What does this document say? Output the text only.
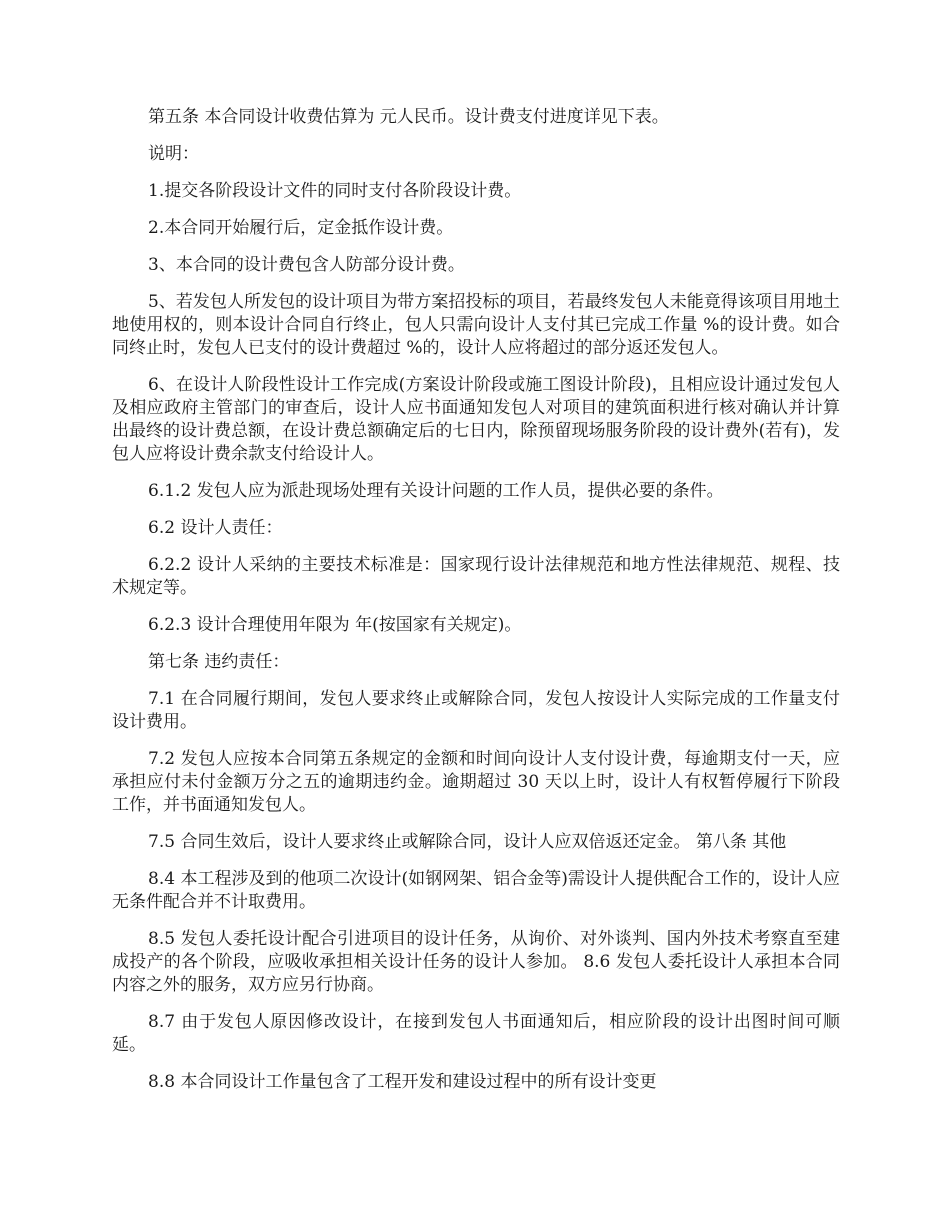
第五条 本合同设计收费估算为 元人民币。设计费支付进度详见下表。

说明：

1.提交各阶段设计文件的同时支付各阶段设计费。

2.本合同开始履行后，定金抵作设计费。

3、本合同的设计费包含人防部分设计费。

5、若发包人所发包的设计项目为带方案招投标的项目，若最终发包人未能竟得该项目用地土地使用权的，则本设计合同自行终止，包人只需向设计人支付其已完成工作量 %的设计费。如合同终止时，发包人已支付的设计费超过 %的，设计人应将超过的部分返还发包人。

6、在设计人阶段性设计工作完成(方案设计阶段或施工图设计阶段)，且相应设计通过发包人及相应政府主管部门的审查后，设计人应书面通知发包人对项目的建筑面积进行核对确认并计算出最终的设计费总额，在设计费总额确定后的七日内，除预留现场服务阶段的设计费外(若有)，发包人应将设计费余款支付给设计人。

6.1.2 发包人应为派赴现场处理有关设计问题的工作人员，提供必要的条件。

6.2 设计人责任：

6.2.2 设计人采纳的主要技术标准是：国家现行设计法律规范和地方性法律规范、规程、技术规定等。

6.2.3 设计合理使用年限为 年(按国家有关规定)。

第七条 违约责任：

7.1 在合同履行期间，发包人要求终止或解除合同，发包人按设计人实际完成的工作量支付设计费用。

7.2 发包人应按本合同第五条规定的金额和时间向设计人支付设计费，每逾期支付一天，应承担应付未付金额万分之五的逾期违约金。逾期超过 30 天以上时，设计人有权暂停履行下阶段工作，并书面通知发包人。

7.5 合同生效后，设计人要求终止或解除合同，设计人应双倍返还定金。 第八条 其他

8.4 本工程涉及到的他项二次设计(如钢网架、铝合金等)需设计人提供配合工作的，设计人应无条件配合并不计取费用。

8.5 发包人委托设计配合引进项目的设计任务，从询价、对外谈判、国内外技术考察直至建成投产的各个阶段，应吸收承担相关设计任务的设计人参加。 8.6 发包人委托设计人承担本合同内容之外的服务，双方应另行协商。

8.7 由于发包人原因修改设计，在接到发包人书面通知后，相应阶段的设计出图时间可顺延。

8.8 本合同设计工作量包含了工程开发和建设过程中的所有设计变更
